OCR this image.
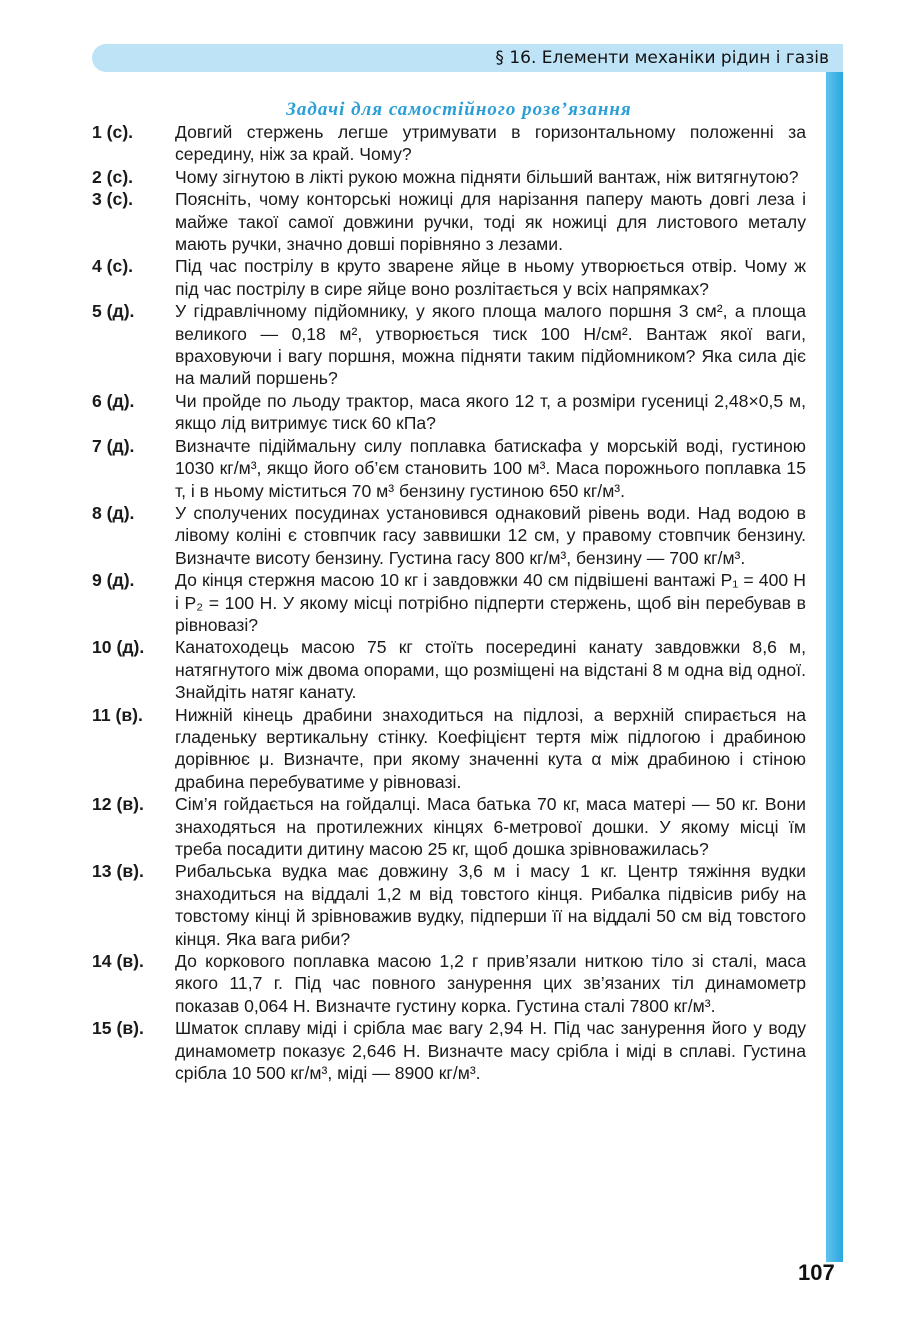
§ 16. Елементи механіки рідин і газів
Задачі для самостійного розв’язання
1 (с).	Довгий стержень легше утримувати в горизонтальному положенні за середину, ніж за край. Чому?
2 (с).	Чому зігнутою в лікті рукою можна підняти більший вантаж, ніж витягнутою?
3 (с).	Поясніть, чому конторські ножиці для нарізання паперу мають довгі леза і майже такої самої довжини ручки, тоді як ножиці для листового металу мають ручки, значно довші порівняно з лезами.
4 (с).	Під час пострілу в круто зварене яйце в ньому утворюється отвір. Чому ж під час пострілу в сире яйце воно розлітається у всіх напрямках?
5 (д).	У гідравлічному підйомнику, у якого площа малого поршня 3 см², а площа великого — 0,18 м², утворюється тиск 100 Н/см². Вантаж якої ваги, враховуючи і вагу поршня, можна підняти таким підйомником? Яка сила діє на малий поршень?
6 (д).	Чи пройде по льоду трактор, маса якого 12 т, а розміри гусениці 2,48×0,5 м, якщо лід витримує тиск 60 кПа?
7 (д).	Визначте підіймальну силу поплавка батискафа у морській воді, густиною 1030 кг/м³, якщо його об’єм становить 100 м³. Маса порожнього поплавка 15 т, і в ньому міститься 70 м³ бензину густиною 650 кг/м³.
8 (д).	У сполучених посудинах установився однаковий рівень води. Над водою в лівому коліні є стовпчик гасу заввишки 12 см, у правому стовпчик бензину. Визначте висоту бензину. Густина гасу 800 кг/м³, бензину — 700 кг/м³.
9 (д).	До кінця стержня масою 10 кг і завдовжки 40 см підвішені вантажі P₁ = 400 Н і P₂ = 100 Н. У якому місці потрібно підперти стержень, щоб він перебував в рівновазі?
10 (д).	Канатоходець масою 75 кг стоїть посередині канату завдовжки 8,6 м, натягнутого між двома опорами, що розміщені на відстані 8 м одна від одної. Знайдіть натяг канату.
11 (в).	Нижній кінець драбини знаходиться на підлозі, а верхній спирається на гладеньку вертикальну стінку. Коефіцієнт тертя між підлогою і драбиною дорівнює μ. Визначте, при якому значенні кута α між драбиною і стіною драбина перебуватиме у рівновазі.
12 (в).	Сім’я гойдається на гойдалці. Маса батька 70 кг, маса матері — 50 кг. Вони знаходяться на протилежних кінцях 6-метрової дошки. У якому місці їм треба посадити дитину масою 25 кг, щоб дошка зрівноважилась?
13 (в).	Рибальська вудка має довжину 3,6 м і масу 1 кг. Центр тяжіння вудки знаходиться на віддалі 1,2 м від товстого кінця. Рибалка підвісив рибу на товстому кінці й зрівноважив вудку, підперши її на віддалі 50 см від товстого кінця. Яка вага риби?
14 (в).	До коркового поплавка масою 1,2 г прив’язали ниткою тіло зі сталі, маса якого 11,7 г. Під час повного занурення цих зв’язаних тіл динамометр показав 0,064 Н. Визначте густину корка. Густина сталі 7800 кг/м³.
15 (в).	Шматок сплаву міді і срібла має вагу 2,94 Н. Під час занурення його у воду динамометр показує 2,646 Н. Визначте масу срібла і міді в сплаві. Густина срібла 10 500 кг/м³, міді — 8900 кг/м³.
107
